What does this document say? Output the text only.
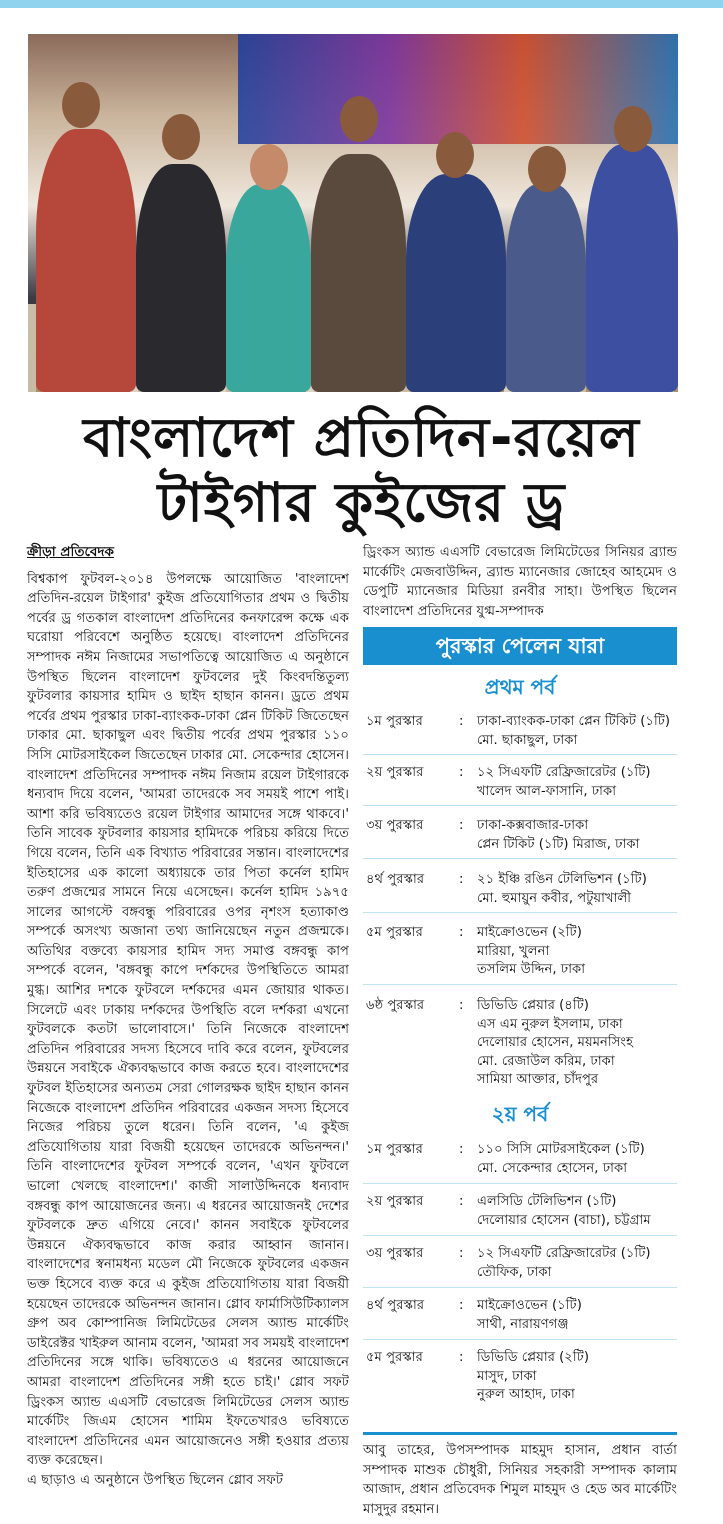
বাংলাদেশ প্রতিদিন-রয়েল
টাইগার কুইজের ড্র
ক্রীড়া প্রতিবেদক

বিশ্বকাপ ফুটবল-২০১৪ উপলক্ষে আয়োজিত 'বাংলাদেশ প্রতিদিন-রয়েল টাইগার' কুইজ প্রতিযোগিতার প্রথম ও দ্বিতীয় পর্বের ড্র গতকাল বাংলাদেশ প্রতিদিনের কনফারেন্স কক্ষে এক ঘরোয়া পরিবেশে অনুষ্ঠিত হয়েছে। বাংলাদেশ প্রতিদিনের সম্পাদক নঈম নিজামের সভাপতিত্বে আয়োজিত এ অনুষ্ঠানে উপস্থিত ছিলেন বাংলাদেশ ফুটবলের দুই কিংবদন্তিতুল্য ফুটবলার কায়সার হামিদ ও ছাইদ হাছান কানন। ড্রতে প্রথম পর্বের প্রথম পুরস্কার ঢাকা-ব্যাংকক-ঢাকা প্লেন টিকিট জিতেছেন ঢাকার মো. ছাকাছুল এবং দ্বিতীয় পর্বের প্রথম পুরস্কার ১১০ সিসি মোটরসাইকেল জিতেছেন ঢাকার মো. সেকেন্দার হোসেন।

বাংলাদেশ প্রতিদিনের সম্পাদক নঈম নিজাম রয়েল টাইগারকে ধন্যবাদ দিয়ে বলেন, 'আমরা তাদেরকে সব সময়ই পাশে পাই। আশা করি ভবিষ্যতেও রয়েল টাইগার আমাদের সঙ্গে থাকবে।' তিনি সাবেক ফুটবলার কায়সার হামিদকে পরিচয় করিয়ে দিতে গিয়ে বলেন, তিনি এক বিখ্যাত পরিবারের সন্তান। বাংলাদেশের ইতিহাসের এক কালো অধ্যায়কে তার পিতা কর্নেল হামিদ তরুণ প্রজন্মের সামনে নিয়ে এসেছেন। কর্নেল হামিদ ১৯৭৫ সালের আগস্টে বঙ্গবন্ধু পরিবারের ওপর নৃশংস হত্যাকাণ্ড সম্পর্কে অসংখ্য অজানা তথ্য জানিয়েছেন নতুন প্রজন্মকে। অতিথির বক্তব্যে কায়সার হামিদ সদ্য সমাপ্ত বঙ্গবন্ধু কাপ সম্পর্কে বলেন, 'বঙ্গবন্ধু কাপে দর্শকদের উপস্থিতিতে আমরা মুগ্ধ। আশির দশকে ফুটবলে দর্শকদের এমন জোয়ার থাকত। সিলেটে এবং ঢাকায় দর্শকদের উপস্থিতি বলে দর্শকরা এখনো ফুটবলকে কতটা ভালোবাসে।' তিনি নিজেকে বাংলাদেশ প্রতিদিন পরিবারের সদস্য হিসেবে দাবি করে বলেন, ফুটবলের উন্নয়নে সবাইকে ঐক্যবদ্ধভাবে কাজ করতে হবে। বাংলাদেশের ফুটবল ইতিহাসের অন্যতম সেরা গোলরক্ষক ছাইদ হাছান কানন নিজেকে বাংলাদেশ প্রতিদিন পরিবারের একজন সদস্য হিসেবে নিজের পরিচয় তুলে ধরেন। তিনি বলেন, 'এ কুইজ প্রতিযোগিতায় যারা বিজয়ী হয়েছেন তাদেরকে অভিনন্দন।' তিনি বাংলাদেশের ফুটবল সম্পর্কে বলেন, 'এখন ফুটবলে ভালো খেলছে বাংলাদেশ।' কাজী সালাউদ্দিনকে ধন্যবাদ বঙ্গবন্ধু কাপ আয়োজনের জন্য। এ ধরনের আয়োজনই দেশের ফুটবলকে দ্রুত এগিয়ে নেবে।' কানন সবাইকে ফুটবলের উন্নয়নে ঐক্যবদ্ধভাবে কাজ করার আহ্বান জানান। বাংলাদেশের স্বনামধন্য মডেল মৌ নিজেকে ফুটবলের একজন ভক্ত হিসেবে ব্যক্ত করে এ কুইজ প্রতিযোগিতায় যারা বিজয়ী হয়েছেন তাদেরকে অভিনন্দন জানান। গ্লোব ফার্মাসিউটিক্যালস গ্রুপ অব কোম্পানিজ লিমিটেডের সেলস অ্যান্ড মার্কেটিং ডাইরেক্টর খাইরুল আনাম বলেন, 'আমরা সব সময়ই বাংলাদেশ প্রতিদিনের সঙ্গে থাকি। ভবিষ্যতেও এ ধরনের আয়োজনে আমরা বাংলাদেশ প্রতিদিনের সঙ্গী হতে চাই।' গ্লোব সফট ড্রিংকস অ্যান্ড এএসটি বেভারেজ লিমিটেডের সেলস অ্যান্ড মার্কেটিং জিএম হোসেন শামিম ইফতেখারও ভবিষ্যতে বাংলাদেশ প্রতিদিনের এমন আয়োজনেও সঙ্গী হওয়ার প্রত্যয় ব্যক্ত করেছেন।

এ ছাড়াও এ অনুষ্ঠানে উপস্থিত ছিলেন গ্লোব সফট

ড্রিংকস অ্যান্ড এএসটি বেভারেজ লিমিটেডের সিনিয়র ব্র্যান্ড মার্কেটিং মেজবাউদ্দিন, ব্র্যান্ড ম্যানেজার জোহেব আহমেদ ও ডেপুটি ম্যানেজার মিডিয়া রনবীর সাহা। উপস্থিত ছিলেন বাংলাদেশ প্রতিদিনের যুগ্ম-সম্পাদক

পুরস্কার পেলেন যারা
প্রথম পর্ব
১ম পুরস্কার	: ঢাকা-ব্যাংকক-ঢাকা প্লেন টিকিট (১টি)
মো. ছাকাছুল, ঢাকা
২য় পুরস্কার	: ১২ সিএফটি রেফ্রিজারেটর (১টি)
খালেদ আল-ফাসানি, ঢাকা
৩য় পুরস্কার	: ঢাকা-কক্সবাজার-ঢাকা
প্লেন টিকিট (১টি) মিরাজ, ঢাকা
৪র্থ পুরস্কার	: ২১ ইঞ্চি রঙিন টেলিভিশন (১টি)
মো. হুমায়ুন কবীর, পটুয়াখালী
৫ম পুরস্কার	: মাইক্রোওভেন (২টি)
মারিয়া, খুলনা
তসলিম উদ্দিন, ঢাকা
৬ষ্ঠ পুরস্কার	: ডিভিডি প্লেয়ার (৪টি)
এস এম নুরুল ইসলাম, ঢাকা
দেলোয়ার হোসেন, ময়মনসিংহ
মো. রেজাউল করিম, ঢাকা
সামিয়া আক্তার, চাঁদপুর
২য় পর্ব
১ম পুরস্কার	: ১১০ সিসি মোটরসাইকেল (১টি)
মো. সেকেন্দার হোসেন, ঢাকা
২য় পুরস্কার	: এলসিডি টেলিভিশন (১টি)
দেলোয়ার হোসেন (বাচা), চট্টগ্রাম
৩য় পুরস্কার	: ১২ সিএফটি রেফ্রিজারেটর (১টি)
তৌফিক, ঢাকা
৪র্থ পুরস্কার	: মাইক্রোওভেন (১টি)
সাথী, নারায়ণগঞ্জ
৫ম পুরস্কার	: ডিভিডি প্লেয়ার (২টি)
মাসুদ, ঢাকা
নুরুল আহাদ, ঢাকা

আবু তাহের, উপসম্পাদক মাহমুদ হাসান, প্রধান বার্তা সম্পাদক মাশুক চৌধুরী, সিনিয়র সহকারী সম্পাদক কালাম আজাদ, প্রধান প্রতিবেদক শিমুল মাহমুদ ও হেড অব মার্কেটিং মাসুদুর রহমান।
